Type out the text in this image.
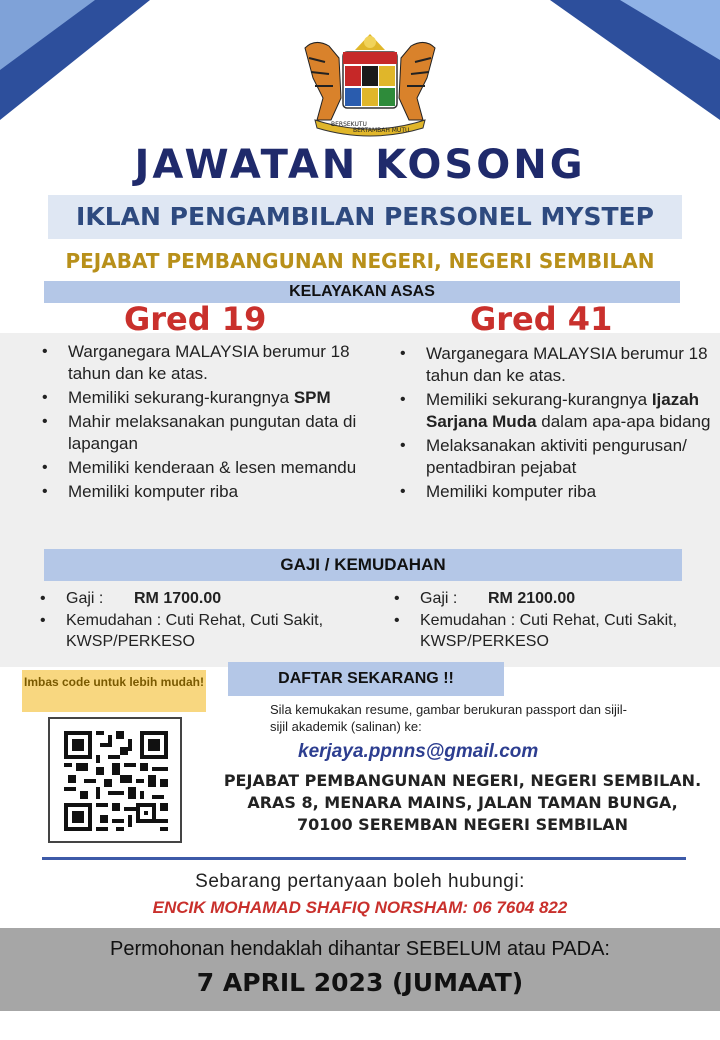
BERSEKUTU
BERTAMBAH MUTU
JAWATAN KOSONG
IKLAN PENGAMBILAN PERSONEL MYSTEP
PEJABAT PEMBANGUNAN NEGERI, NEGERI SEMBILAN
KELAYAKAN ASAS
Gred 19	Gred 41
• Warganegara MALAYSIA berumur 18 tahun dan ke atas.
• Memiliki sekurang-kurangnya SPM
• Mahir melaksanakan pungutan data di lapangan
• Memiliki kenderaan & lesen memandu
• Memiliki komputer riba
• Warganegara MALAYSIA berumur 18 tahun dan ke atas.
• Memiliki sekurang-kurangnya Ijazah Sarjana Muda dalam apa-apa bidang
• Melaksanakan aktiviti pengurusan/ pentadbiran pejabat
• Memiliki komputer riba
GAJI / KEMUDAHAN
• Gaji : RM 1700.00
• Kemudahan : Cuti Rehat, Cuti Sakit, KWSP/PERKESO
• Gaji : RM 2100.00
• Kemudahan : Cuti Rehat, Cuti Sakit, KWSP/PERKESO
Imbas code untuk lebih mudah!	DAFTAR SEKARANG !!
Sila kemukakan resume, gambar berukuran passport dan sijil-sijil akademik (salinan) ke:
kerjaya.ppnns@gmail.com
PEJABAT PEMBANGUNAN NEGERI, NEGERI SEMBILAN.
ARAS 8, MENARA MAINS, JALAN TAMAN BUNGA,
70100 SEREMBAN NEGERI SEMBILAN
Sebarang pertanyaan boleh hubungi:
ENCIK MOHAMAD SHAFIQ NORSHAM: 06 7604 822
Permohonan hendaklah dihantar SEBELUM atau PADA:
7 APRIL 2023 (JUMAAT)
